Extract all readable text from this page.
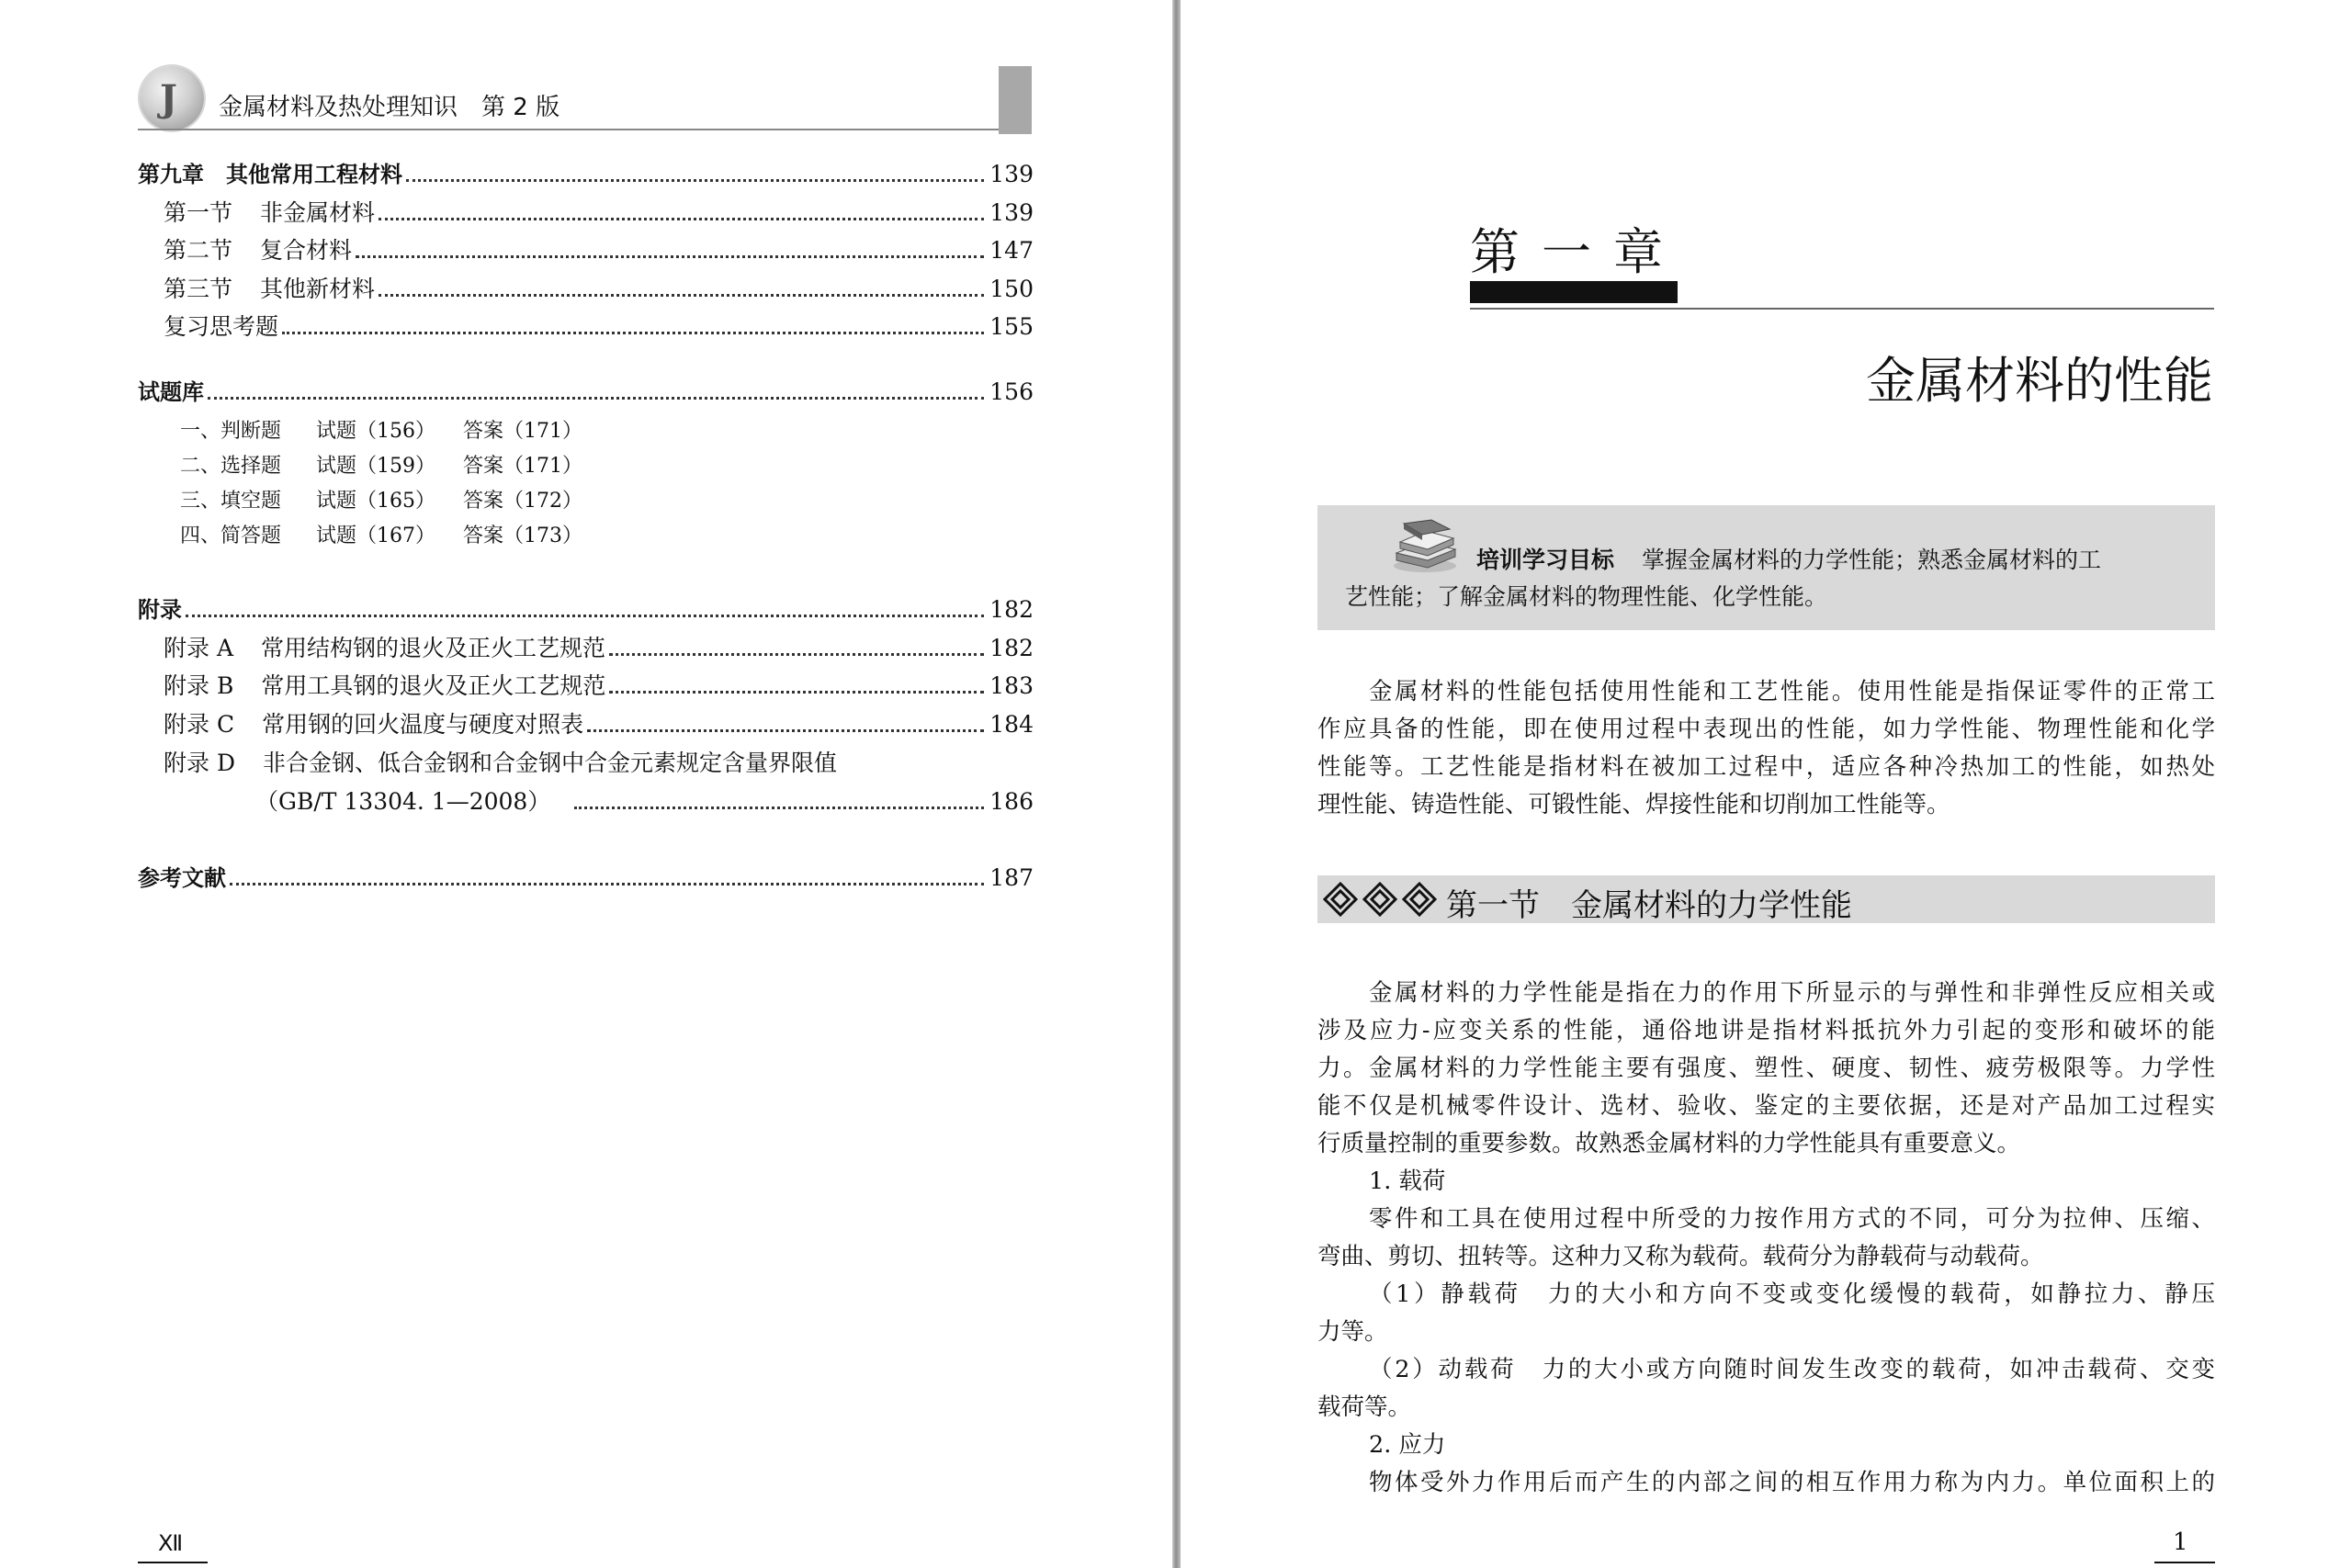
J 金属材料及热处理知识　第 2 版
第九章　其他常用工程材料	139
第一节 非金属材料	139
第二节 复合材料	147
第三节 其他新材料	150
复习思考题	155
试题库	156
一、判断题 试题（156） 答案（171）
二、选择题 试题（159） 答案（171）
三、填空题 试题（165） 答案（172）
四、简答题 试题（167） 答案（173）
附录	182
附录 A 常用结构钢的退火及正火工艺规范	182
附录 B 常用工具钢的退火及正火工艺规范	183
附录 C 常用钢的回火温度与硬度对照表	184
附录 D 非合金钢、低合金钢和合金钢中合金元素规定含量界限值
（GB/T 13304. 1—2008）	186
参考文献	187
Ⅻ
第一章
金属材料的性能
培训学习目标 掌握金属材料的力学性能；熟悉金属材料的工
艺性能；了解金属材料的物理性能、化学性能。
金属材料的性能包括使用性能和工艺性能。使用性能是指保证零件的正常工
作应具备的性能，即在使用过程中表现出的性能，如力学性能、物理性能和化学
性能等。工艺性能是指材料在被加工过程中，适应各种冷热加工的性能，如热处
理性能、铸造性能、可锻性能、焊接性能和切削加工性能等。
第一节　金属材料的力学性能
金属材料的力学性能是指在力的作用下所显示的与弹性和非弹性反应相关或
涉及应力-应变关系的性能，通俗地讲是指材料抵抗外力引起的变形和破坏的能
力。金属材料的力学性能主要有强度、塑性、硬度、韧性、疲劳极限等。力学性
能不仅是机械零件设计、选材、验收、鉴定的主要依据，还是对产品加工过程实
行质量控制的重要参数。故熟悉金属材料的力学性能具有重要意义。
1. 载荷
零件和工具在使用过程中所受的力按作用方式的不同，可分为拉伸、压缩、
弯曲、剪切、扭转等。这种力又称为载荷。载荷分为静载荷与动载荷。
（1）静载荷　力的大小和方向不变或变化缓慢的载荷，如静拉力、静压
力等。
（2）动载荷　力的大小或方向随时间发生改变的载荷，如冲击载荷、交变
载荷等。
2. 应力
物体受外力作用后而产生的内部之间的相互作用力称为内力。单位面积上的
1
